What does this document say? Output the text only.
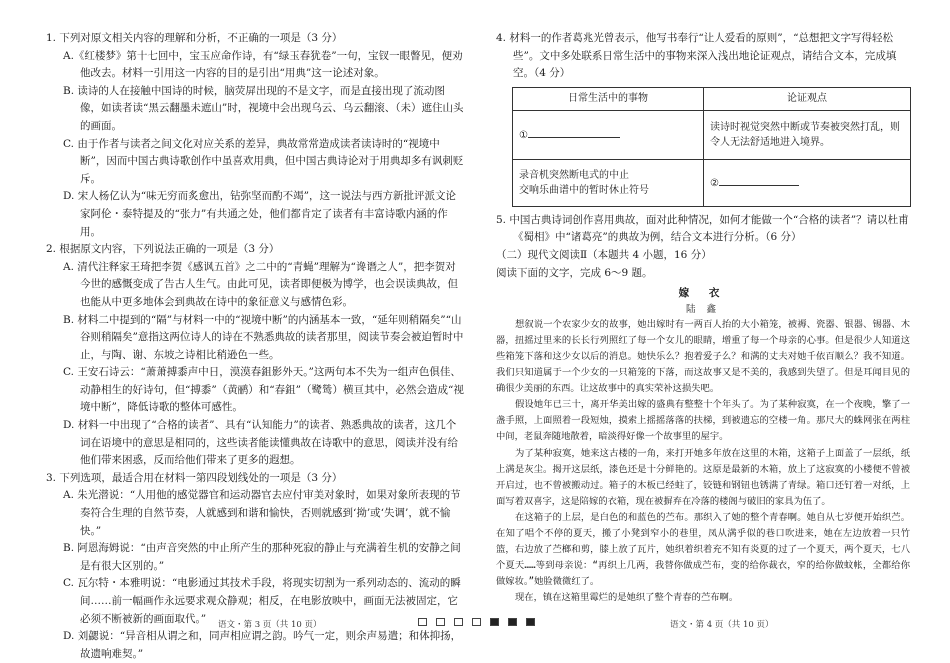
1. 下列对原文相关内容的理解和分析，不正确的一项是（3 分）

A.《红楼梦》第十七回中，宝玉应命作诗，有“绿玉春犹卷”一句，宝钗一眼瞥见，便劝他改去。材料一引用这一内容的目的是引出“用典”这一论述对象。

B. 读诗的人在接触中国诗的时候，脑荧屏出现的不是文字，而是直接出现了流动图像，如读者读“黑云翻墨未遮山”时，视境中会出现乌云、乌云翻滚、（未）遮住山头的画面。

C. 由于作者与读者之间文化对应关系的差异，典故常常造成读者读诗时的“视境中断”，因而中国古典诗歌创作中虽喜欢用典，但中国古典诗论对于用典却多有讽刺贬斥。

D. 宋人杨亿认为“味无穷而炙愈出，钻弥坚而酌不竭”，这一说法与西方新批评派文论家阿伦・泰特提及的“张力”有共通之处，他们都肯定了读者有丰富诗歌内涵的作用。

2. 根据原文内容，下列说法正确的一项是（3 分）

A. 清代注释家王琦把李贺《感讽五首》之二中的“青蝇”理解为“谗谮之人”，把李贺对今世的感慨变成了告古人生气。由此可见，读者即便极为博学，也会误读典故，但也能从中更多地体会到典故在诗中的象征意义与感情色彩。

B. 材料二中提到的“隔”与材料一中的“视境中断”的内涵基本一致，“延年则稍隔矣”“山谷则稍隔矣”意指这两位诗人的诗在不熟悉典故的读者那里，阅读节奏会被迫暂时中止，与陶、谢、东坡之诗相比稍逊色一些。

C. 王安石诗云：“萧萧搏黍声中日，漠漠春鉏影外天。”这两句本不失为一组声色俱佳、动静相生的好诗句，但“搏黍”（黄鹂）和“春鉏”（鹭鸶）横亘其中，必然会造成“视境中断”，降低诗歌的整体可感性。

D. 材料一中出现了“合格的读者”、具有“认知能力”的读者、熟悉典故的读者，这几个词在语境中的意思是相同的，这些读者能读懂典故在诗歌中的意思，阅读并没有给他们带来困惑，反而给他们带来了更多的遐想。

3. 下列选项，最适合用在材料一第四段划线处的一项是（3 分）

A. 朱光潜说：“人用他的感觉器官和运动器官去应付审美对象时，如果对象所表现的节奏符合生理的自然节奏，人就感到和谐和愉快，否则就感到‘拗’或‘失调’，就不愉快。”

B. 阿恩海姆说：“由声音突然的中止所产生的那种死寂的静止与充满着生机的安静之间是有很大区别的。”

C. 瓦尔特・本雅明说：“电影通过其技术手段，将现实切割为一系列动态的、流动的瞬间……前一幅画作永远要求观众静观；相反，在电影放映中，画面无法被固定，它必须不断被新的画面取代。”

D. 刘勰说：“异音相从谓之和，同声相应谓之韵。吟气一定，则余声易遣；和体抑扬，故遗响难契。”

4. 材料一的作者葛兆光曾表示，他写书奉行“让人爱看的原则”，“总想把文字写得轻松些”。文中多处联系日常生活中的事物来深入浅出地论证观点，请结合文本，完成填空。（4 分）

日常生活中的事物	论证观点
①	读诗时视觉突然中断或节奏被突然打乱，则令人无法舒适地进入境界。
录音机突然断电式的中止
交响乐曲谱中的暂时休止符号	②

5. 中国古典诗词创作喜用典故，面对此种情况，如何才能做一个“合格的读者”？请以杜甫《蜀相》中“诸葛亮”的典故为例，结合文本进行分析。（6 分）

（二）现代文阅读Ⅱ（本题共 4 小题，16 分）

阅读下面的文字，完成 6～9 题。

嫁 衣
陆 鑫

想叙说一个农家少女的故事，她出嫁时有一两百人抬的大小箱笼，被褥、瓷器、银器、锡器、木器，扭摇过里来的长长行列照红了每一个女儿的眼睛，增重了每一个母亲的心事。但是很少人知道这些箱笼下落和这少女以后的消息。她快乐么？抱着爱子么？和满的丈夫对她千依百顺么？我不知道。我们只知道属于一个少女的一只箱笼的下落，而这故事又是不美的，我感到失望了。但是耳闻目见的确很少美丽的东西。让这故事中的真实荣补这损失吧。

假设她年已三十，离开华美出嫁的盛典有整整十个年头了。为了某种寂寞，在一个夜晚，擎了一盏手照，上面照着一段短烛，摸索上摇摇落落的扶梯，到被遗忘的空楼一角。那尺大的蛛网张在两柱中间，老鼠奔随地散着，暗淡得好像一个故事里的屋宇。

为了某种寂寞，她来这古楼的一角，来打开她多年放在这里的木箱，这箱子上面盖了一层纸，纸上满是灰尘。揭开这层纸，漆色还是十分鲜艳的。这原是最新的木箱，放上了这寂寞的小楼便不曾被开启过，也不曾被搬动过。箱子的木板已经蛀了，铰链和钢钮也锈满了青绿。箱口还钉着一对纸，上面写着双喜字，这是陪嫁的衣箱，现在被摒弃在冷落的楼阁与破旧的家具为伍了。

在这箱子的上层，是白色的和蓝色的苎布。那织入了她的整个青春啊。她自从七岁便开始织苎。在知了唱个不停的夏天，搬了小凳到窄小的巷里，凤从满乎似的巷口吹进来，她在左边放着一只竹篮，右边放了苎榔和剪，膝上放了瓦片，她织着织着充不知有炎夏的过了一个夏天，两个夏天，七八个夏天……等到母亲说：“再织上几两，我替你做成苎布，变的给你裁衣，窄的给你做蚊帐，全都给你做嫁妆。”她脸微微红了。

现在，镇在这箱里霉烂的是她织了整个青春的苎布啊。

语文・第 3 页（共 10 页）	语文・第 4 页（共 10 页）
